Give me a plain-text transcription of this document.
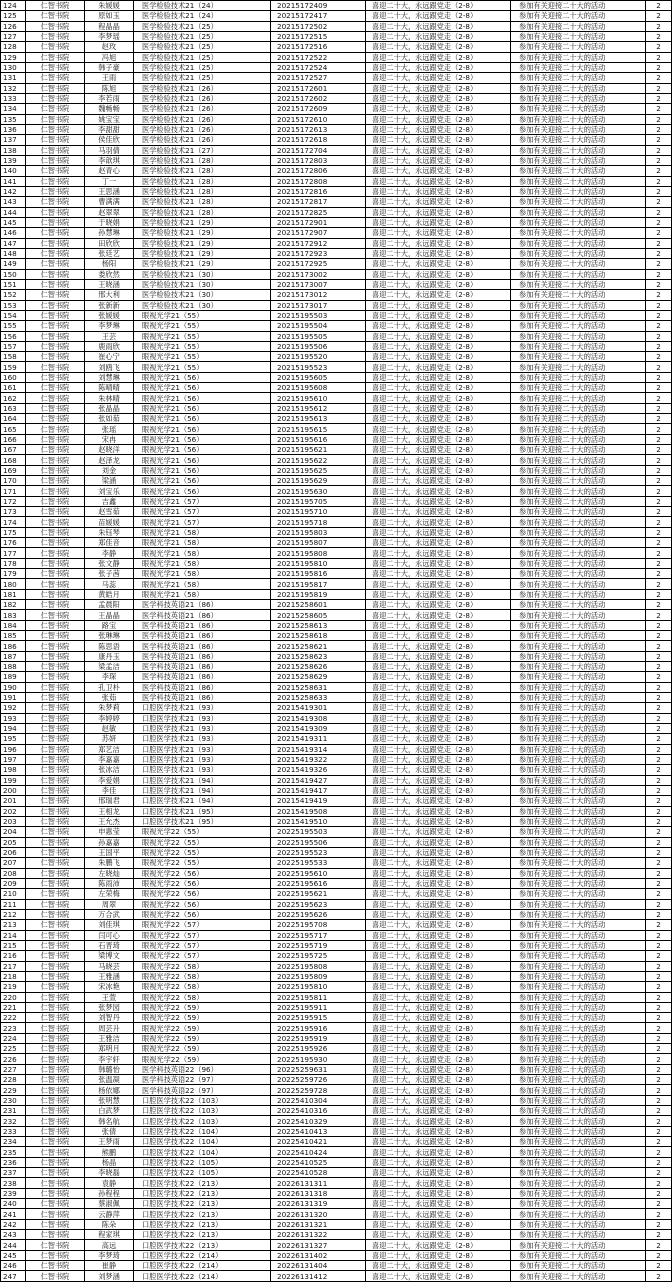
124	仁智书院	朱媛媛	医学检验技术21（24）	20215172409	喜迎二十大，永远跟党走（2-8）	参加有关迎接二十大的活动	2
125	仁智书院	原如玉	医学检验技术21（24）	20215172417	喜迎二十大，永远跟党走（2-8）	参加有关迎接二十大的活动	2
126	仁智书院	程晶晶	医学检验技术21（25）	20215172502	喜迎二十大，永远跟党走（2-8）	参加有关迎接二十大的活动	2
127	仁智书院	李梦瑶	医学检验技术21（25）	20215172515	喜迎二十大，永远跟党走（2-8）	参加有关迎接二十大的活动	2
128	仁智书院	赵玫	医学检验技术21（25）	20215172516	喜迎二十大，永远跟党走（2-8）	参加有关迎接二十大的活动	2
129	仁智书院	冯旭	医学检验技术21（25）	20215172522	喜迎二十大，永远跟党走（2-8）	参加有关迎接二十大的活动	2
130	仁智书院	韩子豪	医学检验技术21（25）	20215172524	喜迎二十大，永远跟党走（2-8）	参加有关迎接二十大的活动	2
131	仁智书院	王雨	医学检验技术21（25）	20215172527	喜迎二十大，永远跟党走（2-8）	参加有关迎接二十大的活动	2
132	仁智书院	陈旭	医学检验技术21（26）	20215172601	喜迎二十大，永远跟党走（2-8）	参加有关迎接二十大的活动	2
133	仁智书院	李若雨	医学检验技术21（26）	20215172602	喜迎二十大，永远跟党走（2-8）	参加有关迎接二十大的活动	2
134	仁智书院	魏畅畅	医学检验技术21（26）	20215172609	喜迎二十大，永远跟党走（2-8）	参加有关迎接二十大的活动	2
135	仁智书院	姚宝宝	医学检验技术21（26）	20215172610	喜迎二十大，永远跟党走（2-8）	参加有关迎接二十大的活动	2
136	仁智书院	李甜甜	医学检验技术21（26）	20215172613	喜迎二十大，永远跟党走（2-8）	参加有关迎接二十大的活动	2
137	仁智书院	侯佳欣	医学检验技术21（26）	20215172618	喜迎二十大，永远跟党走（2-8）	参加有关迎接二十大的活动	2
138	仁智书院	马羽倩	医学检验技术21（27）	20215172704	喜迎二十大，永远跟党走（2-8）	参加有关迎接二十大的活动	2
139	仁智书院	李歆琪	医学检验技术21（28）	20215172803	喜迎二十大，永远跟党走（2-8）	参加有关迎接二十大的活动	2
140	仁智书院	赵青心	医学检验技术21（28）	20215172806	喜迎二十大，永远跟党走（2-8）	参加有关迎接二十大的活动	2
141	仁智书院	丁一	医学检验技术21（28）	20215172808	喜迎二十大，永远跟党走（2-8）	参加有关迎接二十大的活动	2
142	仁智书院	王思涵	医学检验技术21（28）	20215172816	喜迎二十大，永远跟党走（2-8）	参加有关迎接二十大的活动	2
143	仁智书院	曹满满	医学检验技术21（28）	20215172817	喜迎二十大，永远跟党走（2-8）	参加有关迎接二十大的活动	2
144	仁智书院	赵翠翠	医学检验技术21（28）	20215172825	喜迎二十大，永远跟党走（2-8）	参加有关迎接二十大的活动	2
145	仁智书院	于晓娟	医学检验技术21（29）	20215172901	喜迎二十大，永远跟党走（2-8）	参加有关迎接二十大的活动	2
146	仁智书院	孙慧琳	医学检验技术21（29）	20215172907	喜迎二十大，永远跟党走（2-8）	参加有关迎接二十大的活动	2
147	仁智书院	田欣欣	医学检验技术21（29）	20215172912	喜迎二十大，永远跟党走（2-8）	参加有关迎接二十大的活动	2
148	仁智书院	张廷艺	医学检验技术21（29）	20215172923	喜迎二十大，永远跟党走（2-8）	参加有关迎接二十大的活动	2
149	仁智书院	杨阳	医学检验技术21（29）	20215172925	喜迎二十大，永远跟党走（2-8）	参加有关迎接二十大的活动	2
150	仁智书院	娄欣然	医学检验技术21（30）	20215173002	喜迎二十大，永远跟党走（2-8）	参加有关迎接二十大的活动	2
151	仁智书院	王晓涵	医学检验技术21（30）	20215173007	喜迎二十大，永远跟党走（2-8）	参加有关迎接二十大的活动	2
152	仁智书院	邢大利	医学检验技术21（30）	20215173012	喜迎二十大，永远跟党走（2-8）	参加有关迎接二十大的活动	2
153	仁智书院	张新新	医学检验技术21（30）	20215173017	喜迎二十大，永远跟党走（2-8）	参加有关迎接二十大的活动	2
154	仁智书院	张媛媛	眼视光学21（55）	20215195503	喜迎二十大，永远跟党走（2-8）	参加有关迎接二十大的活动	2
155	仁智书院	李梦琳	眼视光学21（55）	20215195504	喜迎二十大，永远跟党走（2-8）	参加有关迎接二十大的活动	2
156	仁智书院	王芸	眼视光学21（55）	20215195505	喜迎二十大，永远跟党走（2-8）	参加有关迎接二十大的活动	2
157	仁智书院	鹿雨欣	眼视光学21（55）	20215195506	喜迎二十大，永远跟党走（2-8）	参加有关迎接二十大的活动	2
158	仁智书院	崔心宁	眼视光学21（55）	20215195520	喜迎二十大，永远跟党走（2-8）	参加有关迎接二十大的活动	2
159	仁智书院	刘鸥飞	眼视光学21（55）	20215195523	喜迎二十大，永远跟党走（2-8）	参加有关迎接二十大的活动	2
160	仁智书院	刘慧琳	眼视光学21（56）	20215195605	喜迎二十大，永远跟党走（2-8）	参加有关迎接二十大的活动	2
161	仁智书院	陈晴晴	眼视光学21（56）	20215195608	喜迎二十大，永远跟党走（2-8）	参加有关迎接二十大的活动	2
162	仁智书院	朱林晴	眼视光学21（56）	20215195610	喜迎二十大，永远跟党走（2-8）	参加有关迎接二十大的活动	2
163	仁智书院	张晶晶	眼视光学21（56）	20215195612	喜迎二十大，永远跟党走（2-8）	参加有关迎接二十大的活动	2
164	仁智书院	张如茹	眼视光学21（56）	20215195613	喜迎二十大，永远跟党走（2-8）	参加有关迎接二十大的活动	2
165	仁智书院	张瑶	眼视光学21（56）	20215195615	喜迎二十大，永远跟党走（2-8）	参加有关迎接二十大的活动	2
166	仁智书院	宋冉	眼视光学21（56）	20215195616	喜迎二十大，永远跟党走（2-8）	参加有关迎接二十大的活动	2
167	仁智书院	赵晓洋	眼视光学21（56）	20215195621	喜迎二十大，永远跟党走（2-8）	参加有关迎接二十大的活动	2
168	仁智书院	赵泽龙	眼视光学21（56）	20215195622	喜迎二十大，永远跟党走（2-8）	参加有关迎接二十大的活动	2
169	仁智书院	刘金	眼视光学21（56）	20215195625	喜迎二十大，永远跟党走（2-8）	参加有关迎接二十大的活动	2
170	仁智书院	梁涵	眼视光学21（56）	20215195629	喜迎二十大，永远跟党走（2-8）	参加有关迎接二十大的活动	2
171	仁智书院	刘宝乐	眼视光学21（56）	20215195630	喜迎二十大，永远跟党走（2-8）	参加有关迎接二十大的活动	2
172	仁智书院	吉鑫	眼视光学21（57）	20215195705	喜迎二十大，永远跟党走（2-8）	参加有关迎接二十大的活动	2
173	仁智书院	赵雪茹	眼视光学21（57）	20215195710	喜迎二十大，永远跟党走（2-8）	参加有关迎接二十大的活动	2
174	仁智书院	苗媛媛	眼视光学21（57）	20215195718	喜迎二十大，永远跟党走（2-8）	参加有关迎接二十大的活动	2
175	仁智书院	朱钰琴	眼视光学21（58）	20215195803	喜迎二十大，永远跟党走（2-8）	参加有关迎接二十大的活动	2
176	仁智书院	郑佳音	眼视光学21（58）	20215195807	喜迎二十大，永远跟党走（2-8）	参加有关迎接二十大的活动	2
177	仁智书院	李静	眼视光学21（58）	20215195808	喜迎二十大，永远跟党走（2-8）	参加有关迎接二十大的活动	2
178	仁智书院	张文静	眼视光学21（58）	20215195810	喜迎二十大，永远跟党走（2-8）	参加有关迎接二十大的活动	2
179	仁智书院	张子茜	眼视光学21（58）	20215195816	喜迎二十大，永远跟党走（2-8）	参加有关迎接二十大的活动	2
180	仁智书院	马蕊	眼视光学21（58）	20215195817	喜迎二十大，永远跟党走（2-8）	参加有关迎接二十大的活动	2
181	仁智书院	黄皓月	眼视光学21（58）	20215195819	喜迎二十大，永远跟党走（2-8）	参加有关迎接二十大的活动	2
182	仁智书院	孟晨阳	医学科技英语21（86）	20215258601	喜迎二十大，永远跟党走（2-8）	参加有关迎接二十大的活动	2
183	仁智书院	王晶晶	医学科技英语21（86）	20215258605	喜迎二十大，永远跟党走（2-8）	参加有关迎接二十大的活动	2
184	仁智书院	路宝	医学科技英语21（86）	20215258613	喜迎二十大，永远跟党走（2-8）	参加有关迎接二十大的活动	2
185	仁智书院	张琳琳	医学科技英语21（86）	20215258618	喜迎二十大，永远跟党走（2-8）	参加有关迎接二十大的活动	2
186	仁智书院	陈思语	医学科技英语21（86）	20215258621	喜迎二十大，永远跟党走（2-8）	参加有关迎接二十大的活动	2
187	仁智书院	康丹玉	医学科技英语21（86）	20215258623	喜迎二十大，永远跟党走（2-8）	参加有关迎接二十大的活动	2
188	仁智书院	梁孟洁	医学科技英语21（86）	20215258626	喜迎二十大，永远跟党走（2-8）	参加有关迎接二十大的活动	2
189	仁智书院	李琛	医学科技英语21（86）	20215258629	喜迎二十大，永远跟党走（2-8）	参加有关迎接二十大的活动	2
190	仁智书院	孔卫朴	医学科技英语21（86）	20215258631	喜迎二十大，永远跟党走（2-8）	参加有关迎接二十大的活动	2
191	仁智书院	张茹	医学科技英语21（86）	20215258633	喜迎二十大，永远跟党走（2-8）	参加有关迎接二十大的活动	2
192	仁智书院	朱梦莉	口腔医学技术21（93）	20215419301	喜迎二十大，永远跟党走（2-8）	参加有关迎接二十大的活动	2
193	仁智书院	李婷婷	口腔医学技术21（93）	20215419308	喜迎二十大，永远跟党走（2-8）	参加有关迎接二十大的活动	2
194	仁智书院	赵敏	口腔医学技术21（93）	20215419309	喜迎二十大，永远跟党走（2-8）	参加有关迎接二十大的活动	2
195	仁智书院	苏妍	口腔医学技术21（93）	20215419311	喜迎二十大，永远跟党走（2-8）	参加有关迎接二十大的活动	2
196	仁智书院	郑艺洁	口腔医学技术21（93）	20215419314	喜迎二十大，永远跟党走（2-8）	参加有关迎接二十大的活动	2
197	仁智书院	李嘉嘉	口腔医学技术21（93）	20215419322	喜迎二十大，永远跟党走（2-8）	参加有关迎接二十大的活动	2
198	仁智书院	张冰洁	口腔医学技术21（93）	20215419326	喜迎二十大，永远跟党走（2-8）	参加有关迎接二十大的活动	2
199	仁智书院	李爱娟	口腔医学技术21（94）	20215419427	喜迎二十大，永远跟党走（2-8）	参加有关迎接二十大的活动	2
200	仁智书院	李佳	口腔医学技术21（94）	20215419417	喜迎二十大，永远跟党走（2-8）	参加有关迎接二十大的活动	2
201	仁智书院	邢瑞君	口腔医学技术21（94）	20215419419	喜迎二十大，永远跟党走（2-8）	参加有关迎接二十大的活动	2
202	仁智书院	王相龙	口腔医学技术21（95）	20215419508	喜迎二十大，永远跟党走（2-8）	参加有关迎接二十大的活动	2
203	仁智书院	王允杰	口腔医学技术21（95）	20215419510	喜迎二十大，永远跟党走（2-8）	参加有关迎接二十大的活动	2
204	仁智书院	申惠莹	眼视光学22（55）	20225195503	喜迎二十大，永远跟党走（2-8）	参加有关迎接二十大的活动	2
205	仁智书院	孙嘉嘉	眼视光学22（55）	20225195506	喜迎二十大，永远跟党走（2-8）	参加有关迎接二十大的活动	2
206	仁智书院	王国平	眼视光学22（55）	20225195523	喜迎二十大，永远跟党走（2-8）	参加有关迎接二十大的活动	2
207	仁智书院	朱鹏飞	眼视光学22（55）	20225195533	喜迎二十大，永远跟党走（2-8）	参加有关迎接二十大的活动	2
208	仁智书院	左晓灿	眼视光学22（56）	20225195610	喜迎二十大，永远跟党走（2-8）	参加有关迎接二十大的活动	2
209	仁智书院	陈雨沛	眼视光学22（56）	20225195616	喜迎二十大，永远跟党走（2-8）	参加有关迎接二十大的活动	2
210	仁智书院	左荣梅	眼视光学22（56）	20225195621	喜迎二十大，永远跟党走（2-8）	参加有关迎接二十大的活动	2
211	仁智书院	周翠	眼视光学22（56）	20225195623	喜迎二十大，永远跟党走（2-8）	参加有关迎接二十大的活动	2
212	仁智书院	万合武	眼视光学22（56）	20225195626	喜迎二十大，永远跟党走（2-8）	参加有关迎接二十大的活动	2
213	仁智书院	刘佳琪	眼视光学22（57）	20225195708	喜迎二十大，永远跟党走（2-8）	参加有关迎接二十大的活动	2
214	仁智书院	闫可心	眼视光学22（57）	20225195717	喜迎二十大，永远跟党走（2-8）	参加有关迎接二十大的活动	2
215	仁智书院	石晋琦	眼视光学22（57）	20225195719	喜迎二十大，永远跟党走（2-8）	参加有关迎接二十大的活动	2
216	仁智书院	梁博文	眼视光学22（57）	20225195725	喜迎二十大，永远跟党走（2-8）	参加有关迎接二十大的活动	2
217	仁智书院	马晓芸	眼视光学22（58）	20225195808	喜迎二十大，永远跟党走（2-8）	参加有关迎接二十大的活动	2
218	仁智书院	王雅涵	眼视光学22（58）	20225195809	喜迎二十大，永远跟党走（2-8）	参加有关迎接二十大的活动	2
219	仁智书院	宋冰艳	眼视光学22（58）	20225195810	喜迎二十大，永远跟党走（2-8）	参加有关迎接二十大的活动	2
220	仁智书院	王萱	眼视光学22（58）	20225195811	喜迎二十大，永远跟党走（2-8）	参加有关迎接二十大的活动	2
221	仁智书院	张梦园	眼视光学22（59）	20225195911	喜迎二十大，永远跟党走（2-8）	参加有关迎接二十大的活动	2
222	仁智书院	刘智丹	眼视光学22（59）	20225195915	喜迎二十大，永远跟党走（2-8）	参加有关迎接二十大的活动	2
223	仁智书院	周芸升	眼视光学22（59）	20225195916	喜迎二十大，永远跟党走（2-8）	参加有关迎接二十大的活动	2
224	仁智书院	王雅洁	眼视光学22（59）	20225195919	喜迎二十大，永远跟党走（2-8）	参加有关迎接二十大的活动	2
225	仁智书院	郑明月	眼视光学22（59）	20225195926	喜迎二十大，永远跟党走（2-8）	参加有关迎接二十大的活动	2
226	仁智书院	李宇轩	眼视光学22（59）	20225195930	喜迎二十大，永远跟党走（2-8）	参加有关迎接二十大的活动	2
227	仁智书院	韩璐怡	医学科技英语22（96）	20225259631	喜迎二十大，永远跟党走（2-8）	参加有关迎接二十大的活动	2
228	仁智书院	张温凝	医学科技英语22（97）	20225259726	喜迎二十大，永远跟党走（2-8）	参加有关迎接二十大的活动	2
229	仁智书院	杨依娜	医学科技英语22（97）	20225259728	喜迎二十大，永远跟党走（2-8）	参加有关迎接二十大的活动	2
230	仁智书院	张明慧	口腔医学技术22（103）	20225410304	喜迎二十大，永远跟党走（2-8）	参加有关迎接二十大的活动	2
231	仁智书院	白武梦	口腔医学技术22（103）	20225410316	喜迎二十大，永远跟党走（2-8）	参加有关迎接二十大的活动	2
232	仁智书院	韩名航	口腔医学技术22（103）	20225410329	喜迎二十大，永远跟党走（2-8）	参加有关迎接二十大的活动	2
233	仁智书院	张倩	口腔医学技术22（104）	20225410413	喜迎二十大，永远跟党走（2-8）	参加有关迎接二十大的活动	2
234	仁智书院	王梦雨	口腔医学技术22（104）	20225410421	喜迎二十大，永远跟党走（2-8）	参加有关迎接二十大的活动	2
235	仁智书院	熊鹏	口腔医学技术22（104）	20225410424	喜迎二十大，永远跟党走（2-8）	参加有关迎接二十大的活动	2
236	仁智书院	杨晶	口腔医学技术22（105）	20225410525	喜迎二十大，永远跟党走（2-8）	参加有关迎接二十大的活动	2
237	仁智书院	李晓磊	口腔医学技术22（105）	20225410528	喜迎二十大，永远跟党走（2-8）	参加有关迎接二十大的活动	2
238	仁智书院	袁静	口腔医学技术22（213）	20226131311	喜迎二十大，永远跟党走（2-8）	参加有关迎接二十大的活动	2
239	仁智书院	孙程程	口腔医学技术22（213）	20226131318	喜迎二十大，永远跟党走（2-8）	参加有关迎接二十大的活动	2
240	仁智书院	蔡淑佩	口腔医学技术22（213）	20226131319	喜迎二十大，永远跟党走（2-8）	参加有关迎接二十大的活动	2
241	仁智书院	云静萍	口腔医学技术22（213）	20226131320	喜迎二十大，永远跟党走（2-8）	参加有关迎接二十大的活动	2
242	仁智书院	陈朵	口腔医学技术22（213）	20226131321	喜迎二十大，永远跟党走（2-8）	参加有关迎接二十大的活动	2
243	仁智书院	程家琪	口腔医学技术22（213）	20226131322	喜迎二十大，永远跟党走（2-8）	参加有关迎接二十大的活动	2
244	仁智书院	高远	口腔医学技术22（213）	20226131327	喜迎二十大，永远跟党走（2-8）	参加有关迎接二十大的活动	2
245	仁智书院	李梦琦	口腔医学技术22（214）	20226131402	喜迎二十大，永远跟党走（2-8）	参加有关迎接二十大的活动	2
246	仁智书院	崔静	口腔医学技术22（214）	20226131404	喜迎二十大，永远跟党走（2-8）	参加有关迎接二十大的活动	2
247	仁智书院	刘梦涵	口腔医学技术22（214）	20226131412	喜迎二十大，永远跟党走（2-8）	参加有关迎接二十大的活动	2
